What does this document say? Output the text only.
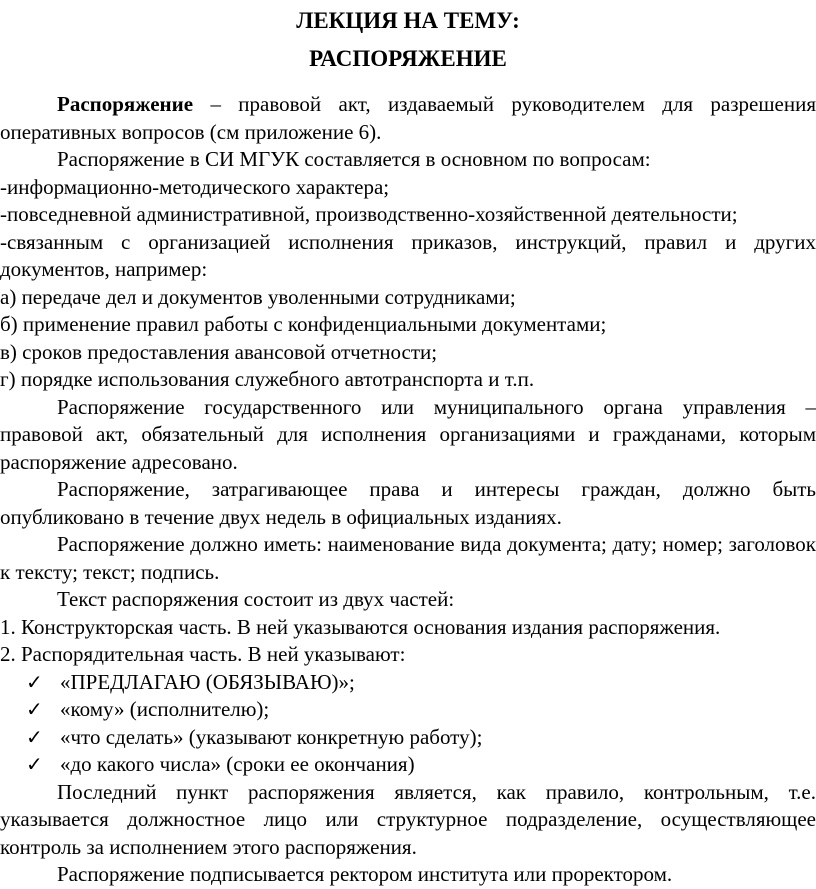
ЛЕКЦИЯ НА ТЕМУ:
РАСПОРЯЖЕНИЕ

Распоряжение – правовой акт, издаваемый руководителем для разрешения оперативных вопросов (см приложение 6).

Распоряжение в СИ МГУК составляется в основном по вопросам:

-информационно-методического характера;

-повседневной административной, производственно-хозяйственной деятельности;

-связанным с организацией исполнения приказов, инструкций, правил и других документов, например:

а) передаче дел и документов уволенными сотрудниками;

б) применение правил работы с конфиденциальными документами;

в) сроков предоставления авансовой отчетности;

г) порядке использования служебного автотранспорта и т.п.

Распоряжение государственного или муниципального органа управления – правовой акт, обязательный для исполнения организациями и гражданами, которым распоряжение адресовано.

Распоряжение, затрагивающее права и интересы граждан, должно быть опубликовано в течение двух недель в официальных изданиях.

Распоряжение должно иметь: наименование вида документа; дату; номер; заголовок к тексту; текст; подпись.

Текст распоряжения состоит из двух частей:

1. Конструкторская часть. В ней указываются основания издания распоряжения.

2. Распорядительная часть. В ней указывают:

✓ «ПРЕДЛАГАЮ (ОБЯЗЫВАЮ)»;
✓ «кому» (исполнителю);
✓ «что сделать» (указывают конкретную работу);
✓ «до какого числа» (сроки ее окончания)

Последний пункт распоряжения является, как правило, контрольным, т.е. указывается должностное лицо или структурное подразделение, осуществляющее контроль за исполнением этого распоряжения.

Распоряжение подписывается ректором института или проректором.
